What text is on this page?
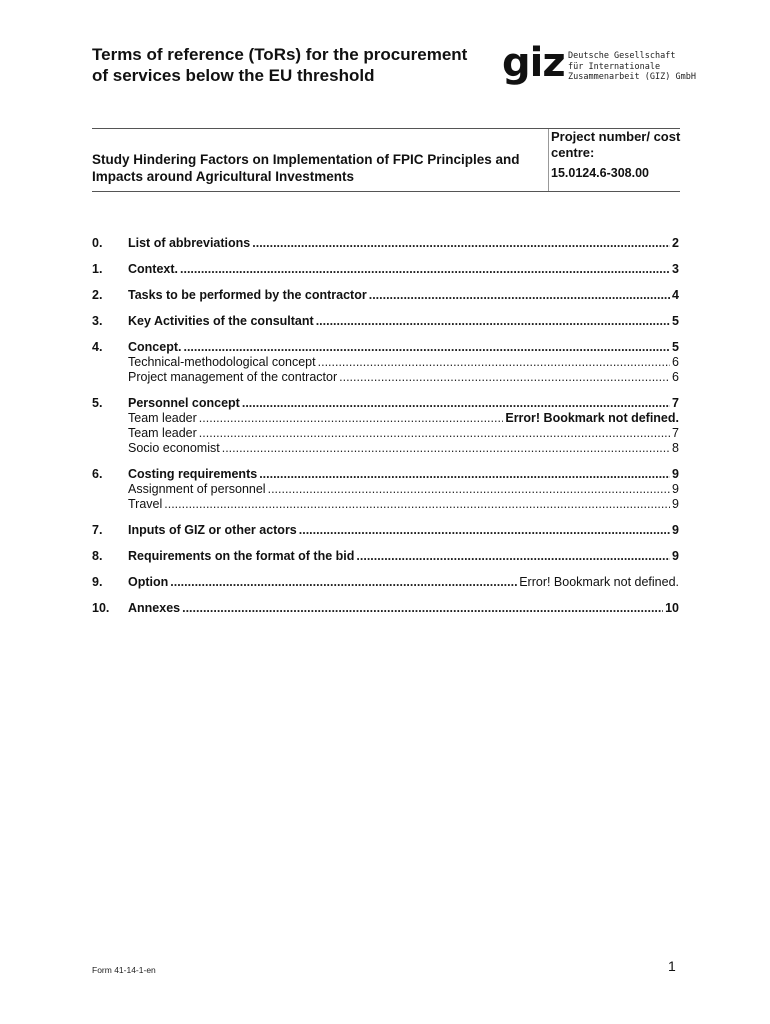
Terms of reference (ToRs) for the procurement of services below the EU threshold	giz Deutsche Gesellschaft
für Internationale
Zusammenarbeit (GIZ) GmbH
Study Hindering Factors on Implementation of FPIC Principles and Impacts around Agricultural Investments
Project number/ cost centre:
15.0124.6-308.00
0.	List of abbreviations .....	2
1.	Context. .....	3
2.	Tasks to be performed by the contractor .....	4
3.	Key Activities of the consultant .....	5
4.	Concept. .....	5
Technical-methodological concept .....	6
Project management of the contractor .....	6
5.	Personnel concept .....	7
Team leader .....	Error! Bookmark not defined.
Team leader .....	7
Socio economist .....	8
6.	Costing requirements .....	9
Assignment of personnel .....	9
Travel .....	9
7.	Inputs of GIZ or other actors .....	9
8.	Requirements on the format of the bid .....	9
9.	Option .....	Error! Bookmark not defined.
10.	Annexes .....	10
Form 41-14-1-en	1
